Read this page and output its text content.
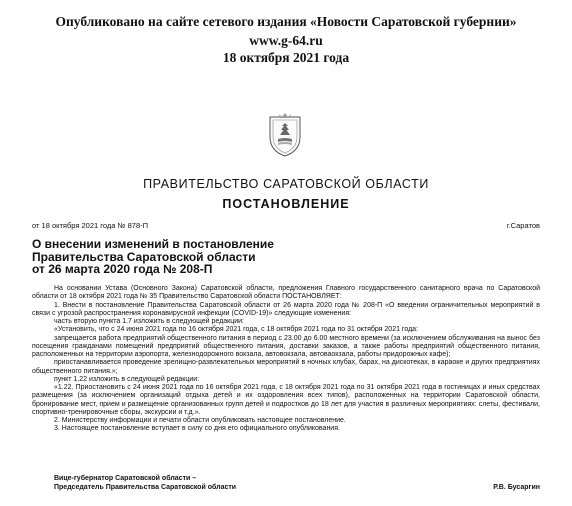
Опубликовано на сайте сетевого издания «Новости Саратовской губернии»
www.g-64.ru
18 октября 2021 года
ПРАВИТЕЛЬСТВО САРАТОВСКОЙ ОБЛАСТИ
ПОСТАНОВЛЕНИЕ
от 18 октября 2021 года № 878-П	г.Саратов
О внесении изменений в постановление
Правительства Саратовской области
от 26 марта 2020 года № 208-П

На основании Устава (Основного Закона) Саратовской области, предложения Главного государственного санитарного врача по Саратовской области от 18 октября 2021 года № 35 Правительство Саратовской области ПОСТАНОВЛЯЕТ:

1. Внести в постановление Правительства Саратовской области от 26 марта 2020 года № 208-П «О введении ограничительных мероприятий в связи с угрозой распространения коронавирусной инфекции (COVID-19)» следующие изменения:

часть вторую пункта 1.7 изложить в следующей редакции:

«Установить, что с 24 июня 2021 года по 16 октября 2021 года, с 18 октября 2021 года по 31 октября 2021 года:

запрещается работа предприятий общественного питания в период с 23.00 до 6.00 местного времени (за исключением обслуживания на вынос без посещения гражданами помещений предприятий общественного питания, доставки заказов, а также работы предприятий общественного питания, расположенных на территории аэропорта, железнодорожного вокзала, автовокзала, автоваокзала, работы придорожных кафе);

приостанавливается проведение зрелищно-развлекательных мероприятий в ночных клубах, барах, на дискотеках, в караоке и других предприятиях общественного питания.»;

пункт 1.22 изложить в следующей редакции:

«1.22. Приостановить с 24 июня 2021 года по 16 октября 2021 года, с 18 октября 2021 года по 31 октября 2021 года в гостиницах и иных средствах размещения (за исключением организаций отдыха детей и их оздоровления всех типов), расположенных на территории Саратовской области, бронирование мест, прием и размещение организованных групп детей и подростков до 18 лет для участия в различных мероприятиях: слеты, фестивали, спортивно-тренировочные сборы, экскурсии и т.д.».

2. Министерству информации и печати области опубликовать настоящее постановление.

3. Настоящее постановление вступает в силу со дня его официального опубликования.

Вице-губернатор Саратовской области –
Председатель Правительства Саратовской области	Р.В. Бусаргин
